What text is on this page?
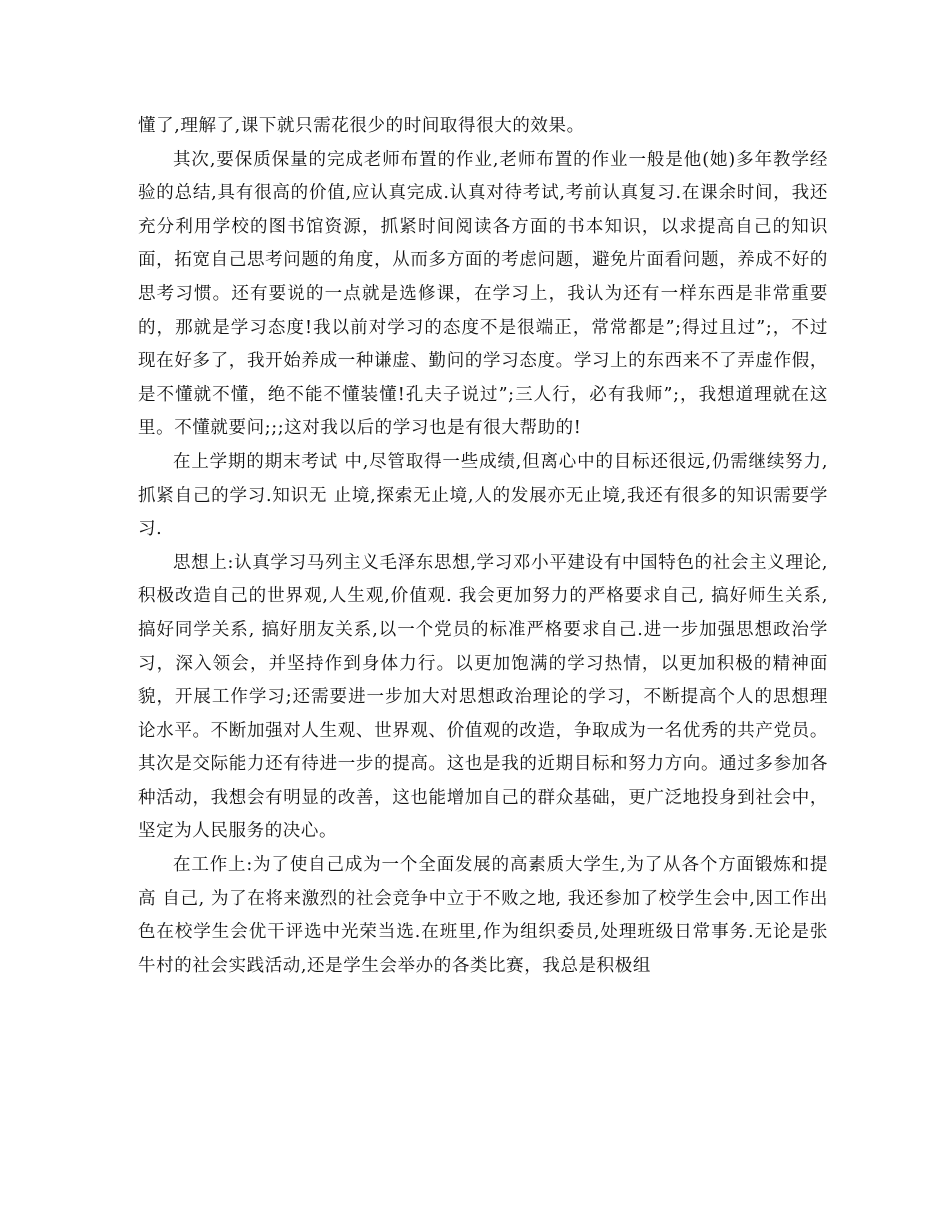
懂了,理解了,课下就只需花很少的时间取得很大的效果。

其次,要保质保量的完成老师布置的作业,老师布置的作业一般是他(她)多年教学经验的总结,具有很高的价值,应认真完成.认真对待考试,考前认真复习.在课余时间，我还充分利用学校的图书馆资源，抓紧时间阅读各方面的书本知识，以求提高自己的知识面，拓宽自己思考问题的角度，从而多方面的考虑问题，避免片面看问题，养成不好的思考习惯。还有要说的一点就是选修课，在学习上，我认为还有一样东西是非常重要的，那就是学习态度!我以前对学习的态度不是很端正，常常都是”;得过且过”;，不过现在好多了，我开始养成一种谦虚、勤问的学习态度。学习上的东西来不了弄虚作假，是不懂就不懂，绝不能不懂装懂!孔夫子说过”;三人行，必有我师”;，我想道理就在这里。不懂就要问;;;这对我以后的学习也是有很大帮助的!

在上学期的期末考试 中,尽管取得一些成绩,但离心中的目标还很远,仍需继续努力,抓紧自己的学习.知识无 止境,探索无止境,人的发展亦无止境,我还有很多的知识需要学习.

思想上:认真学习马列主义毛泽东思想,学习邓小平建设有中国特色的社会主义理论, 积极改造自己的世界观,人生观,价值观. 我会更加努力的严格要求自己, 搞好师生关系, 搞好同学关系, 搞好朋友关系,以一个党员的标准严格要求自己.进一步加强思想政治学习，深入领会，并坚持作到身体力行。以更加饱满的学习热情，以更加积极的精神面貌，开展工作学习;还需要进一步加大对思想政治理论的学习，不断提高个人的思想理论水平。不断加强对人生观、世界观、价值观的改造，争取成为一名优秀的共产党员。其次是交际能力还有待进一步的提高。这也是我的近期目标和努力方向。通过多参加各种活动，我想会有明显的改善，这也能增加自己的群众基础，更广泛地投身到社会中，坚定为人民服务的决心。

在工作上:为了使自己成为一个全面发展的高素质大学生,为了从各个方面锻炼和提高 自己, 为了在将来激烈的社会竞争中立于不败之地, 我还参加了校学生会中,因工作出色在校学生会优干评选中光荣当选.在班里,作为组织委员,处理班级日常事务.无论是张牛村的社会实践活动,还是学生会举办的各类比赛，我总是积极组
